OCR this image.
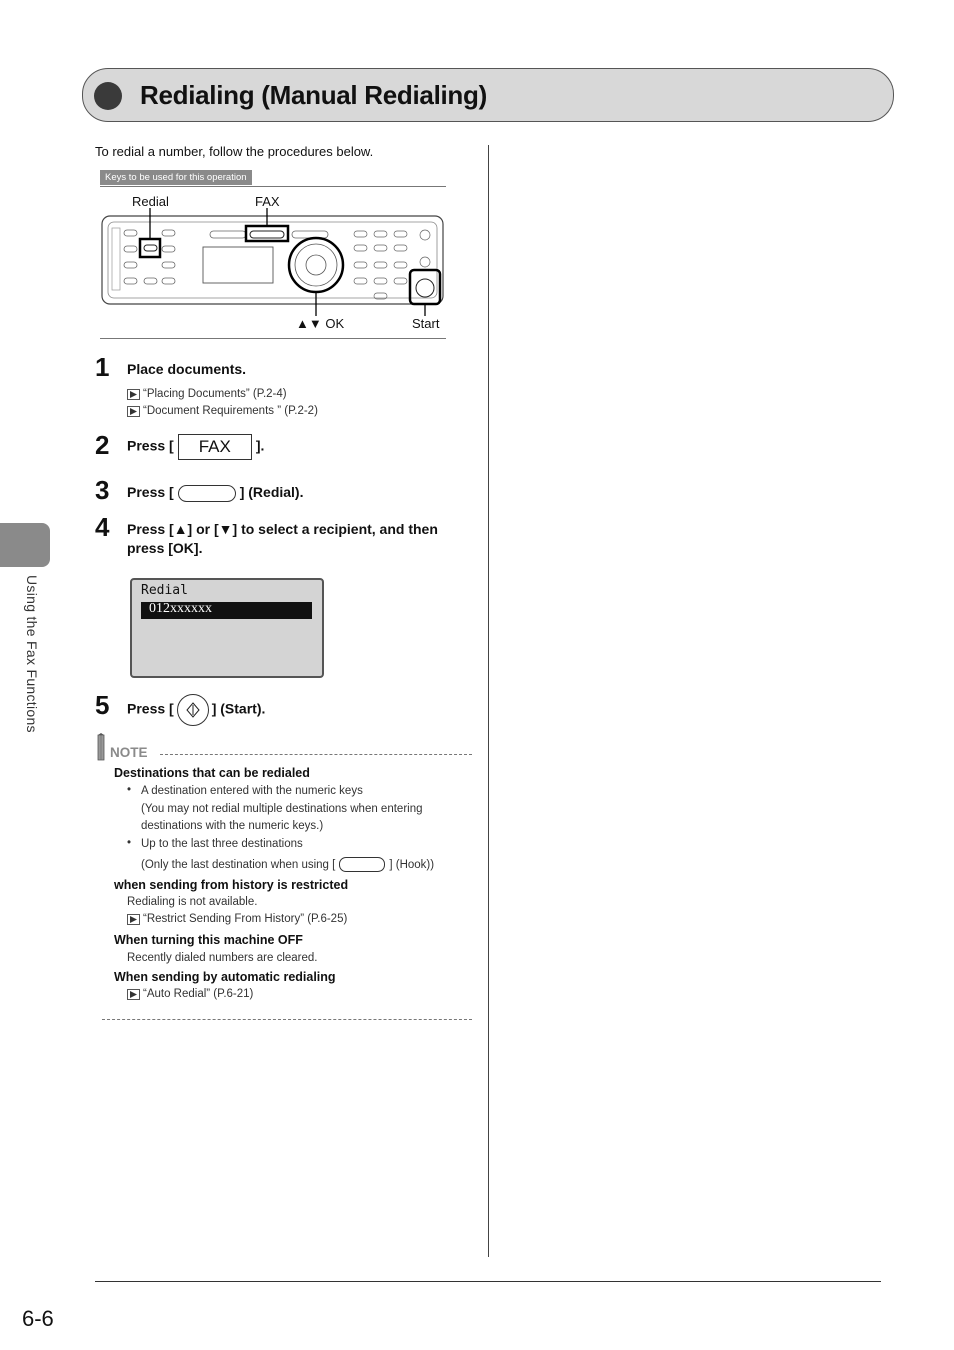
Redialing (Manual Redialing)
Using the Fax Functions
To redial a number, follow the procedures below.
Keys to be used for this operation
Redial	FAX
▲▼ OK	Start
1 Place documents.
“Placing Documents” (P.2-4)
“Document Requirements ” (P.2-2)
2 Press [ FAX ].
3 Press [	] (Redial).
4 Press [▲] or [▼] to select a recipient, and then
press [OK].
Redial
012xxxxxx
5 Press [	] (Start).
NOTE
Destinations that can be redialed
• A destination entered with the numeric keys
(You may not redial multiple destinations when entering
destinations with the numeric keys.)
• Up to the last three destinations
(Only the last destination when using [	] (Hook))
when sending from history is restricted
Redialing is not available.
“Restrict Sending From History” (P.6-25)
When turning this machine OFF
Recently dialed numbers are cleared.
When sending by automatic redialing
“Auto Redial” (P.6-21)
6-6
